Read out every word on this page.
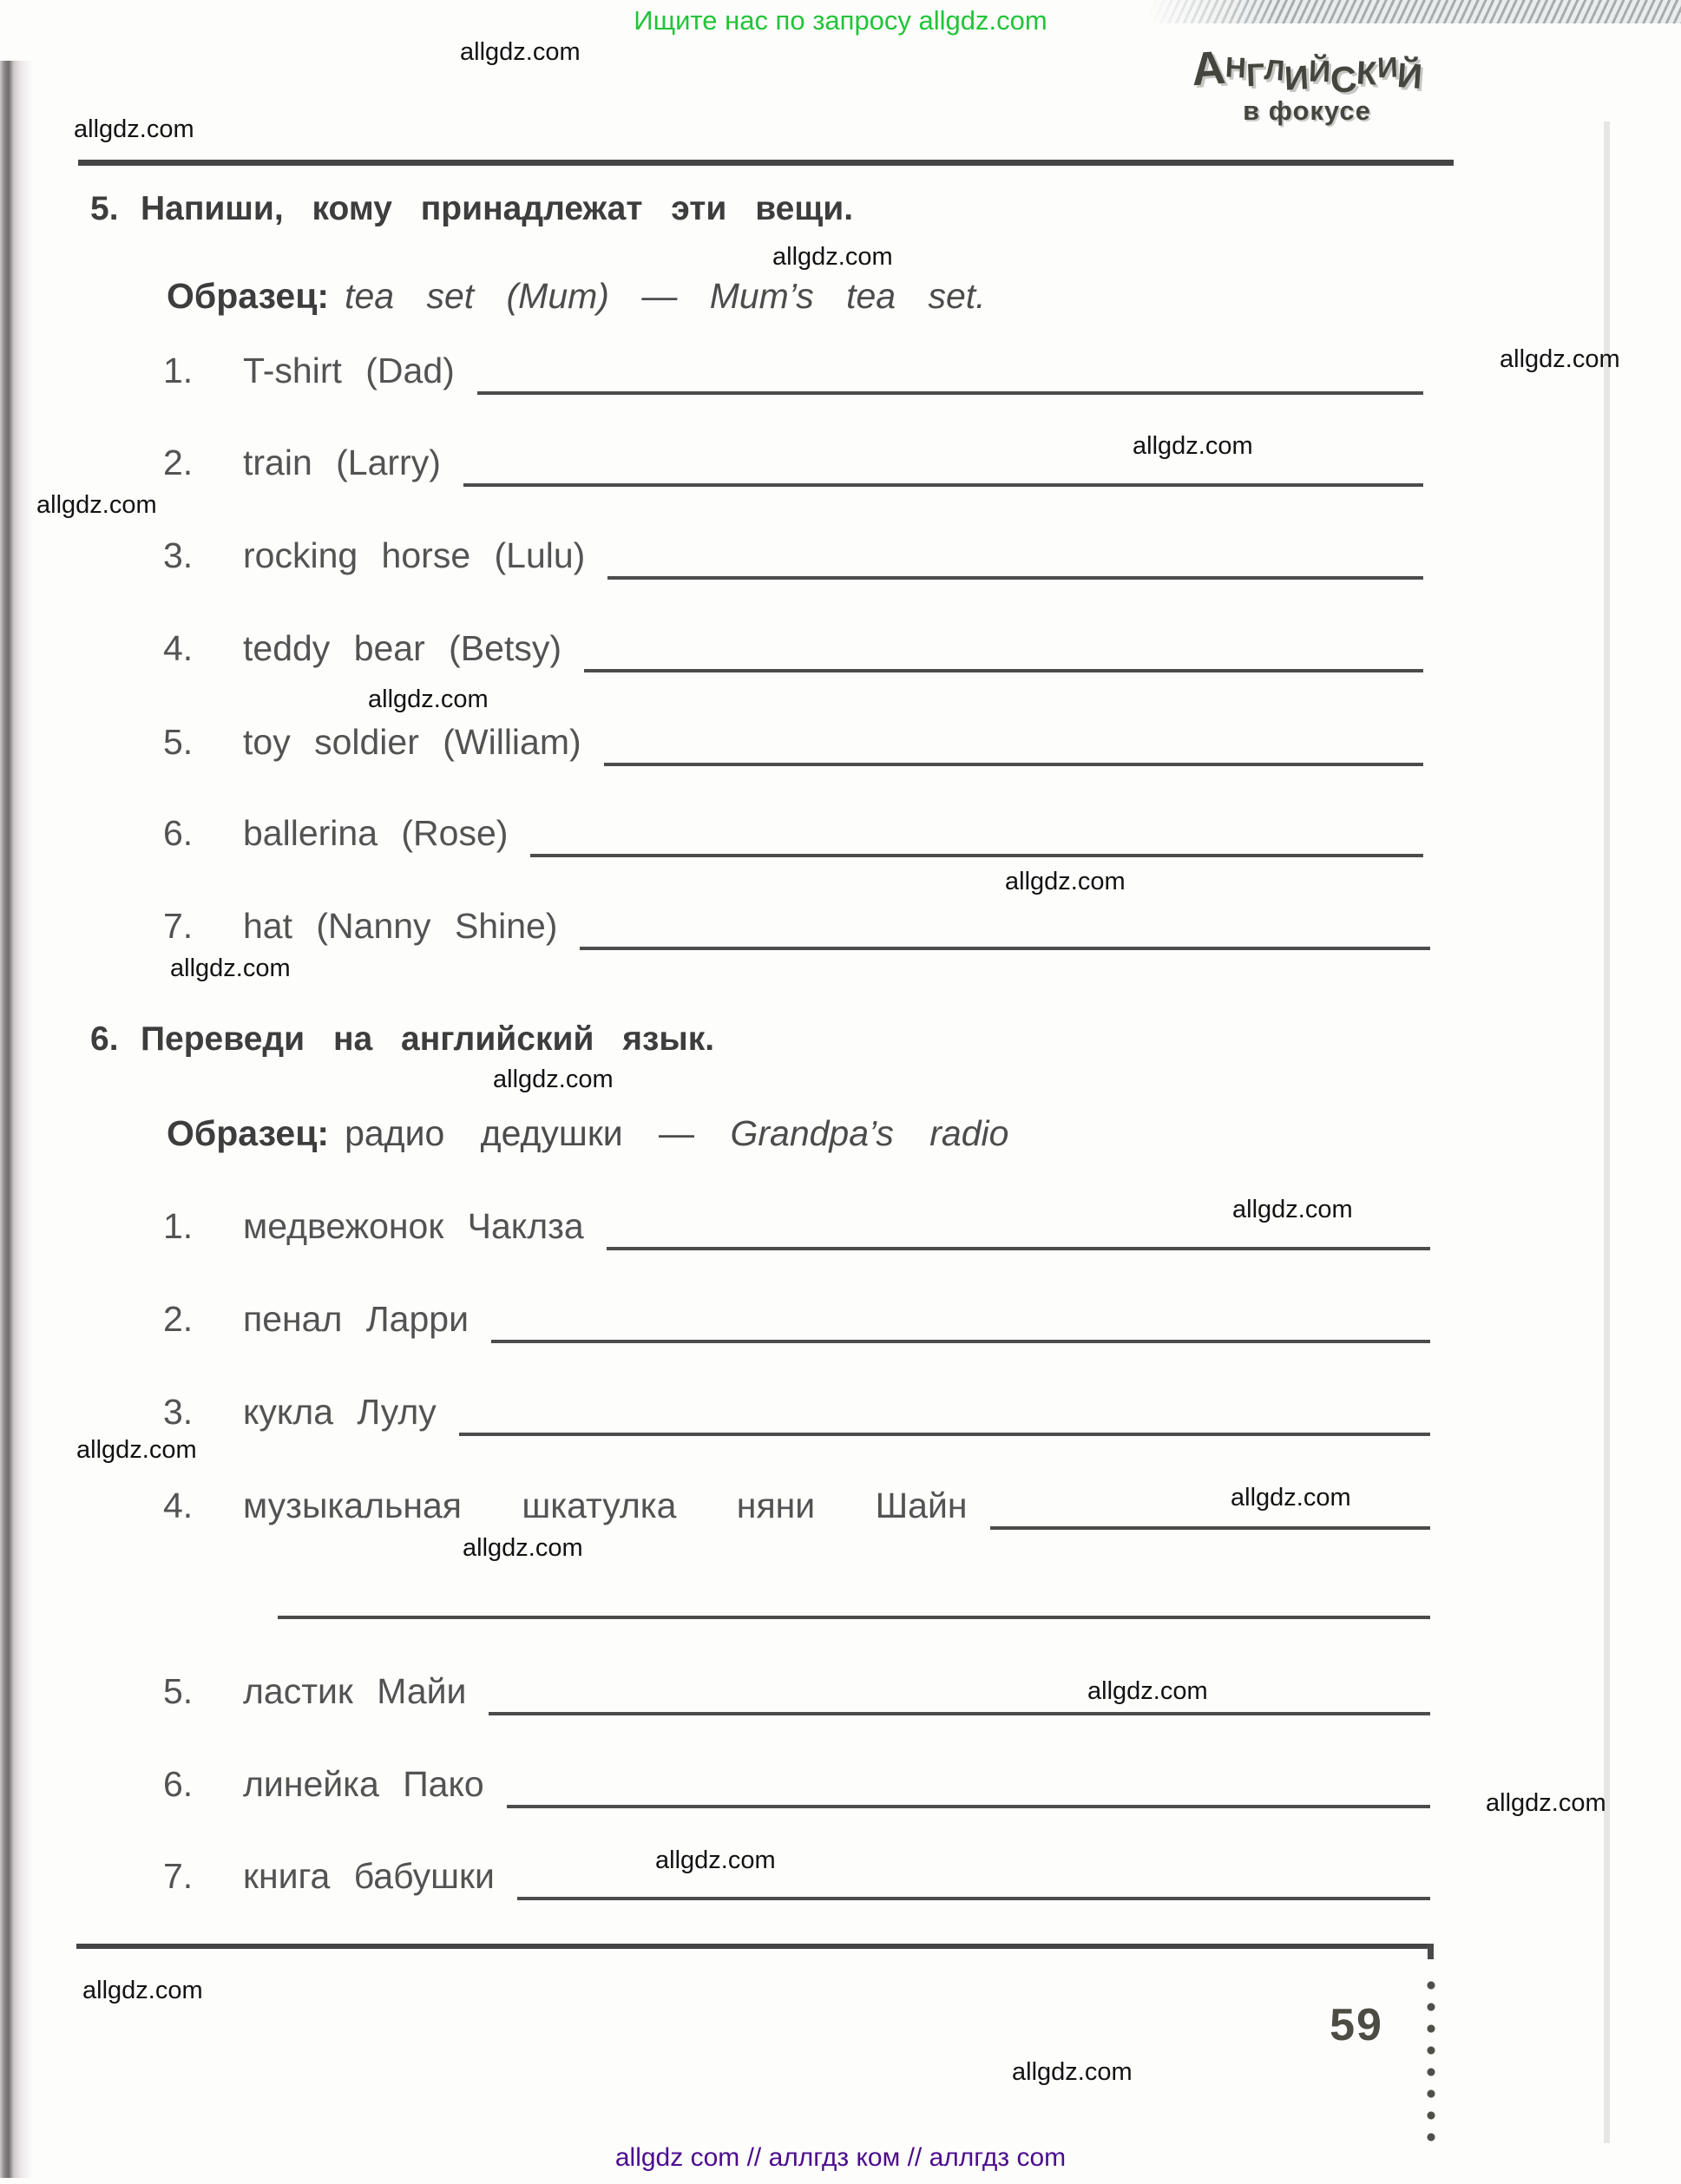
Ищите нас по запросу allgdz.com
allgdz.com
allgdz.com
allgdz.com
allgdz.com
allgdz.com
allgdz.com
allgdz.com
allgdz.com
allgdz.com
allgdz.com
allgdz.com
allgdz.com
allgdz.com
allgdz.com
allgdz.com
allgdz.com
allgdz.com
allgdz.com
allgdz.com
АНГЛИЙСКИЙ
в фокусе
5. Напиши, кому принадлежат эти вещи.
Образец: tea set (Mum) — Mum’s tea set.
1.	T-shirt (Dad)
2.	train (Larry)
3.	rocking horse (Lulu)
4.	teddy bear (Betsy)
5.	toy soldier (William)
6.	ballerina (Rose)
7.	hat (Nanny Shine)
6. Переведи на английский язык.
Образец: радио дедушки — Grandpa’s radio
1.	медвежонок Чаклза
2.	пенал Ларри
3.	кукла Лулу
4.	музыкальная шкатулка няни Шайн
5.	ластик Майи
6.	линейка Пако
7.	книга бабушки
59
allgdz com // аллгдз ком // аллгдз com
